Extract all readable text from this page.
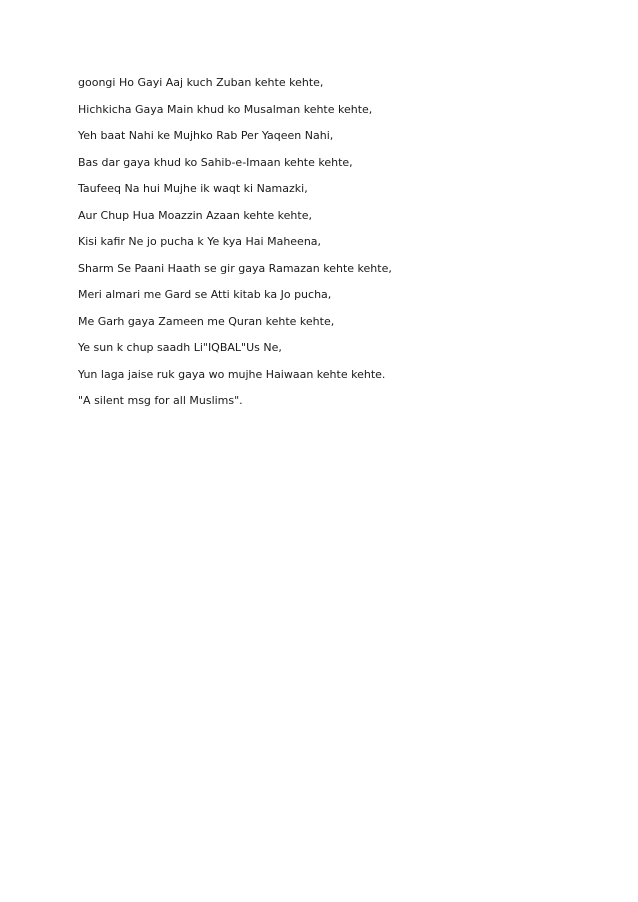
goongi Ho Gayi Aaj kuch Zuban kehte kehte,
Hichkicha Gaya Main khud ko Musalman kehte kehte,
Yeh baat Nahi ke Mujhko Rab Per Yaqeen Nahi,
Bas dar gaya khud ko Sahib-e-Imaan kehte kehte,
Taufeeq Na hui Mujhe ik waqt ki Namazki,
Aur Chup Hua Moazzin Azaan kehte kehte,
Kisi kafir Ne jo pucha k Ye kya Hai Maheena,
Sharm Se Paani Haath se gir gaya Ramazan kehte kehte,
Meri almari me Gard se Atti kitab ka Jo pucha,
Me Garh gaya Zameen me Quran kehte kehte,
Ye sun k chup saadh Li"IQBAL"Us Ne,
Yun laga jaise ruk gaya wo mujhe Haiwaan kehte kehte.
"A silent msg for all Muslims".
